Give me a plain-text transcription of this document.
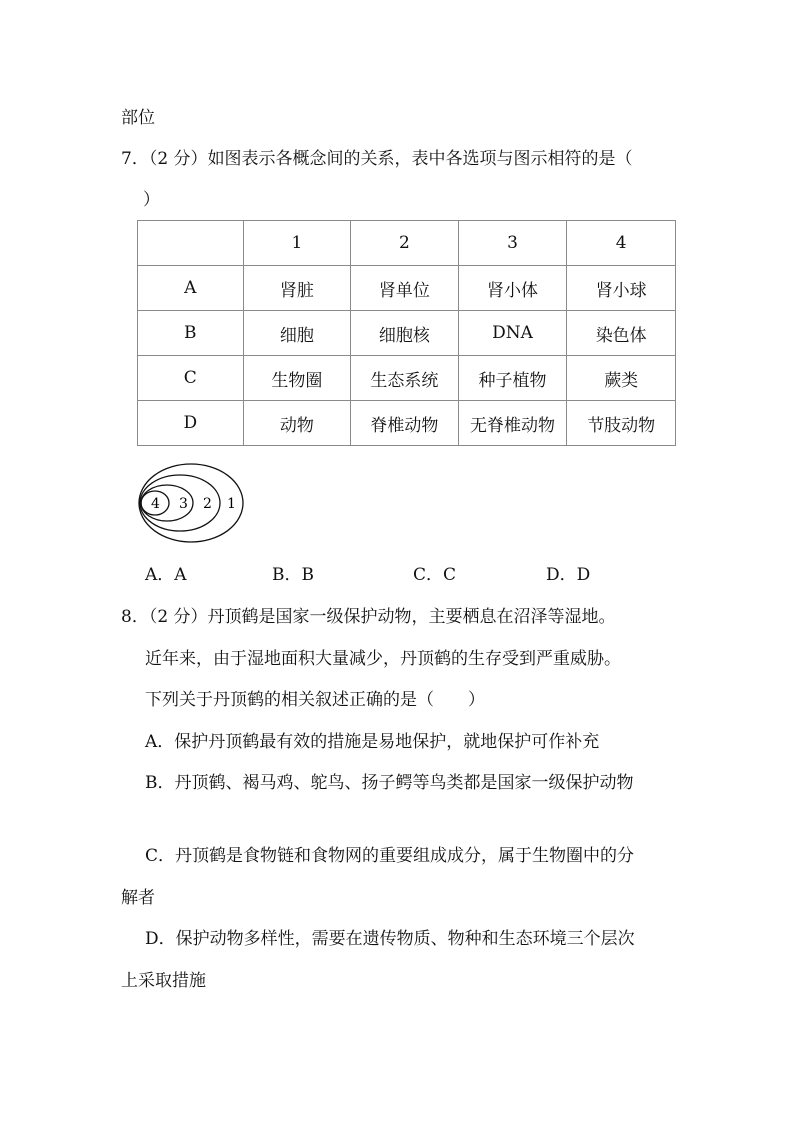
部位
7．（2 分）如图表示各概念间的关系，表中各选项与图示相符的是（
）
	1	2	3	4
A	肾脏	肾单位	肾小体	肾小球
B	细胞	细胞核	DNA	染色体
C	生物圈	生态系统	种子植物	蕨类
D	动物	脊椎动物	无脊椎动物	节肢动物
4 3 2 1
A．A	B．B	C．C	D．D
8．（2 分）丹顶鹤是国家一级保护动物，主要栖息在沼泽等湿地。
近年来，由于湿地面积大量减少，丹顶鹤的生存受到严重威胁。
下列关于丹顶鹤的相关叙述正确的是（　　）
A．保护丹顶鹤最有效的措施是易地保护，就地保护可作补充
B．丹顶鹤、褐马鸡、鸵鸟、扬子鳄等鸟类都是国家一级保护动物
C．丹顶鹤是食物链和食物网的重要组成成分，属于生物圈中的分
解者
D．保护动物多样性，需要在遗传物质、物种和生态环境三个层次
上采取措施
